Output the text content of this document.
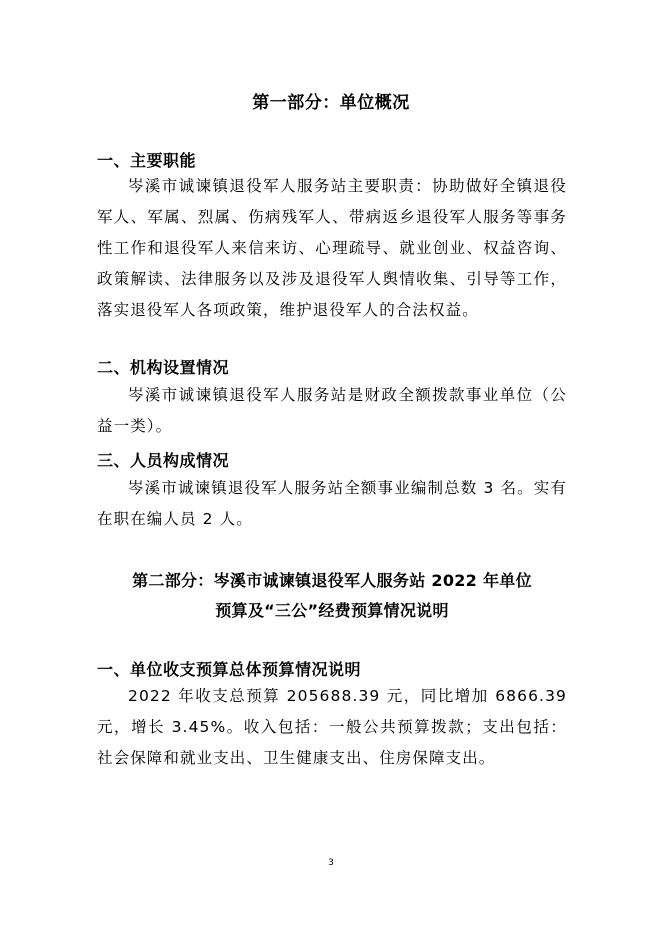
第一部分：单位概况
一、主要职能

岑溪市诚谏镇退役军人服务站主要职责：协助做好全镇退役军人、军属、烈属、伤病残军人、带病返乡退役军人服务等事务性工作和退役军人来信来访、心理疏导、就业创业、权益咨询、政策解读、法律服务以及涉及退役军人舆情收集、引导等工作，落实退役军人各项政策，维护退役军人的合法权益。

二、机构设置情况

岑溪市诚谏镇退役军人服务站是财政全额拨款事业单位（公益一类）。

三、人员构成情况

岑溪市诚谏镇退役军人服务站全额事业编制总数 3 名。实有在职在编人员 2 人。

第二部分：岑溪市诚谏镇退役军人服务站 2022 年单位
预算及“三公”经费预算情况说明
一、单位收支预算总体预算情况说明

2022 年收支总预算 205688.39 元，同比增加 6866.39 元，增长 3.45%。收入包括：一般公共预算拨款；支出包括：社会保障和就业支出、卫生健康支出、住房保障支出。

3
